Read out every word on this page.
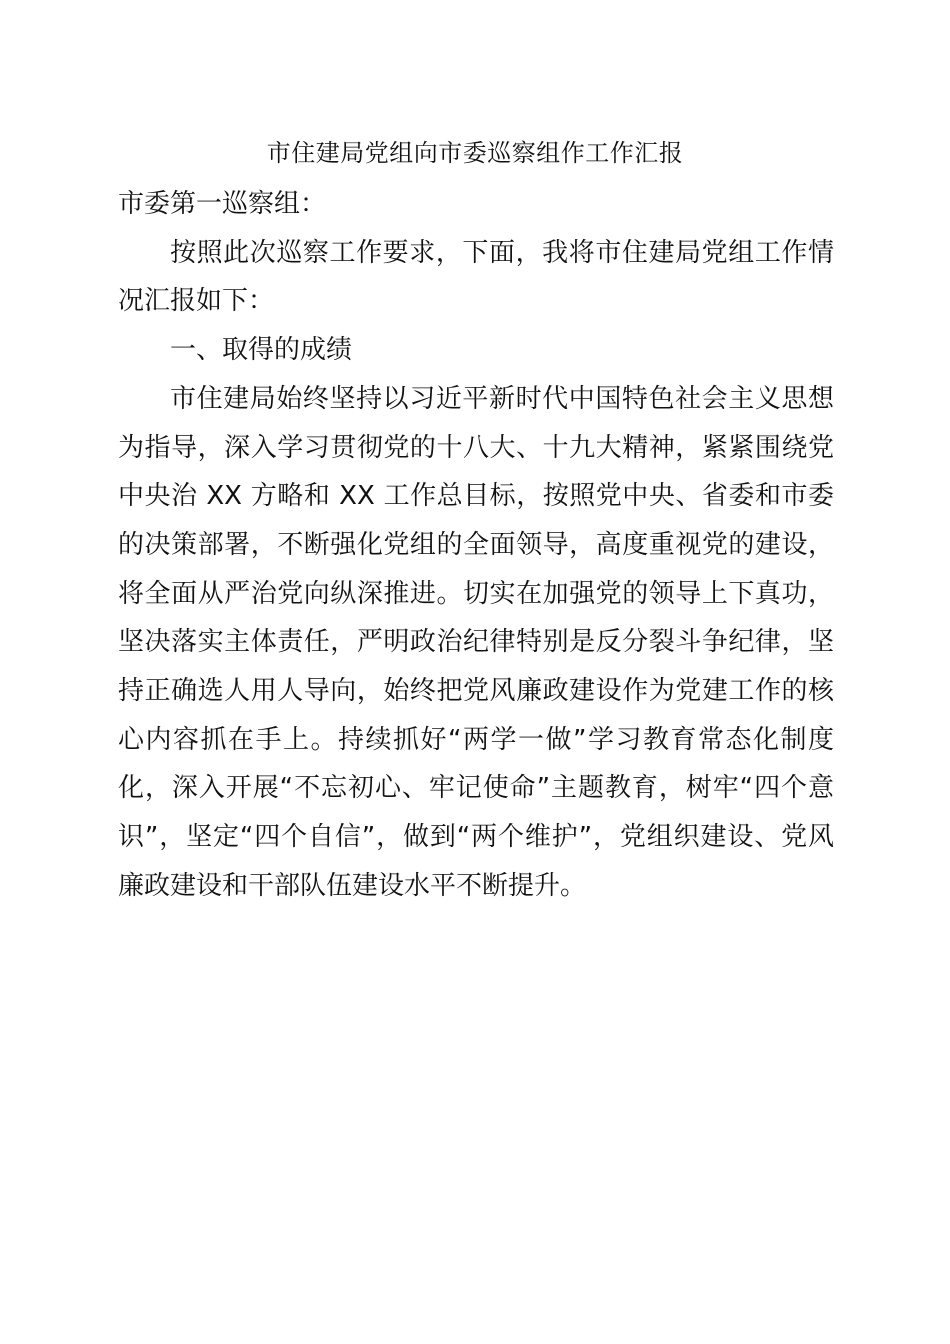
市住建局党组向市委巡察组作工作汇报

市委第一巡察组：

按照此次巡察工作要求，下面，我将市住建局党组工作情况汇报如下：

一、取得的成绩

市住建局始终坚持以习近平新时代中国特色社会主义思想为指导，深入学习贯彻党的十八大、十九大精神，紧紧围绕党中央治 XX 方略和 XX 工作总目标，按照党中央、省委和市委的决策部署，不断强化党组的全面领导，高度重视党的建设，将全面从严治党向纵深推进。切实在加强党的领导上下真功，坚决落实主体责任，严明政治纪律特别是反分裂斗争纪律，坚持正确选人用人导向，始终把党风廉政建设作为党建工作的核心内容抓在手上。持续抓好“两学一做”学习教育常态化制度化，深入开展“不忘初心、牢记使命”主题教育，树牢“四个意识”，坚定“四个自信”，做到“两个维护”，党组织建设、党风廉政建设和干部队伍建设水平不断提升。
